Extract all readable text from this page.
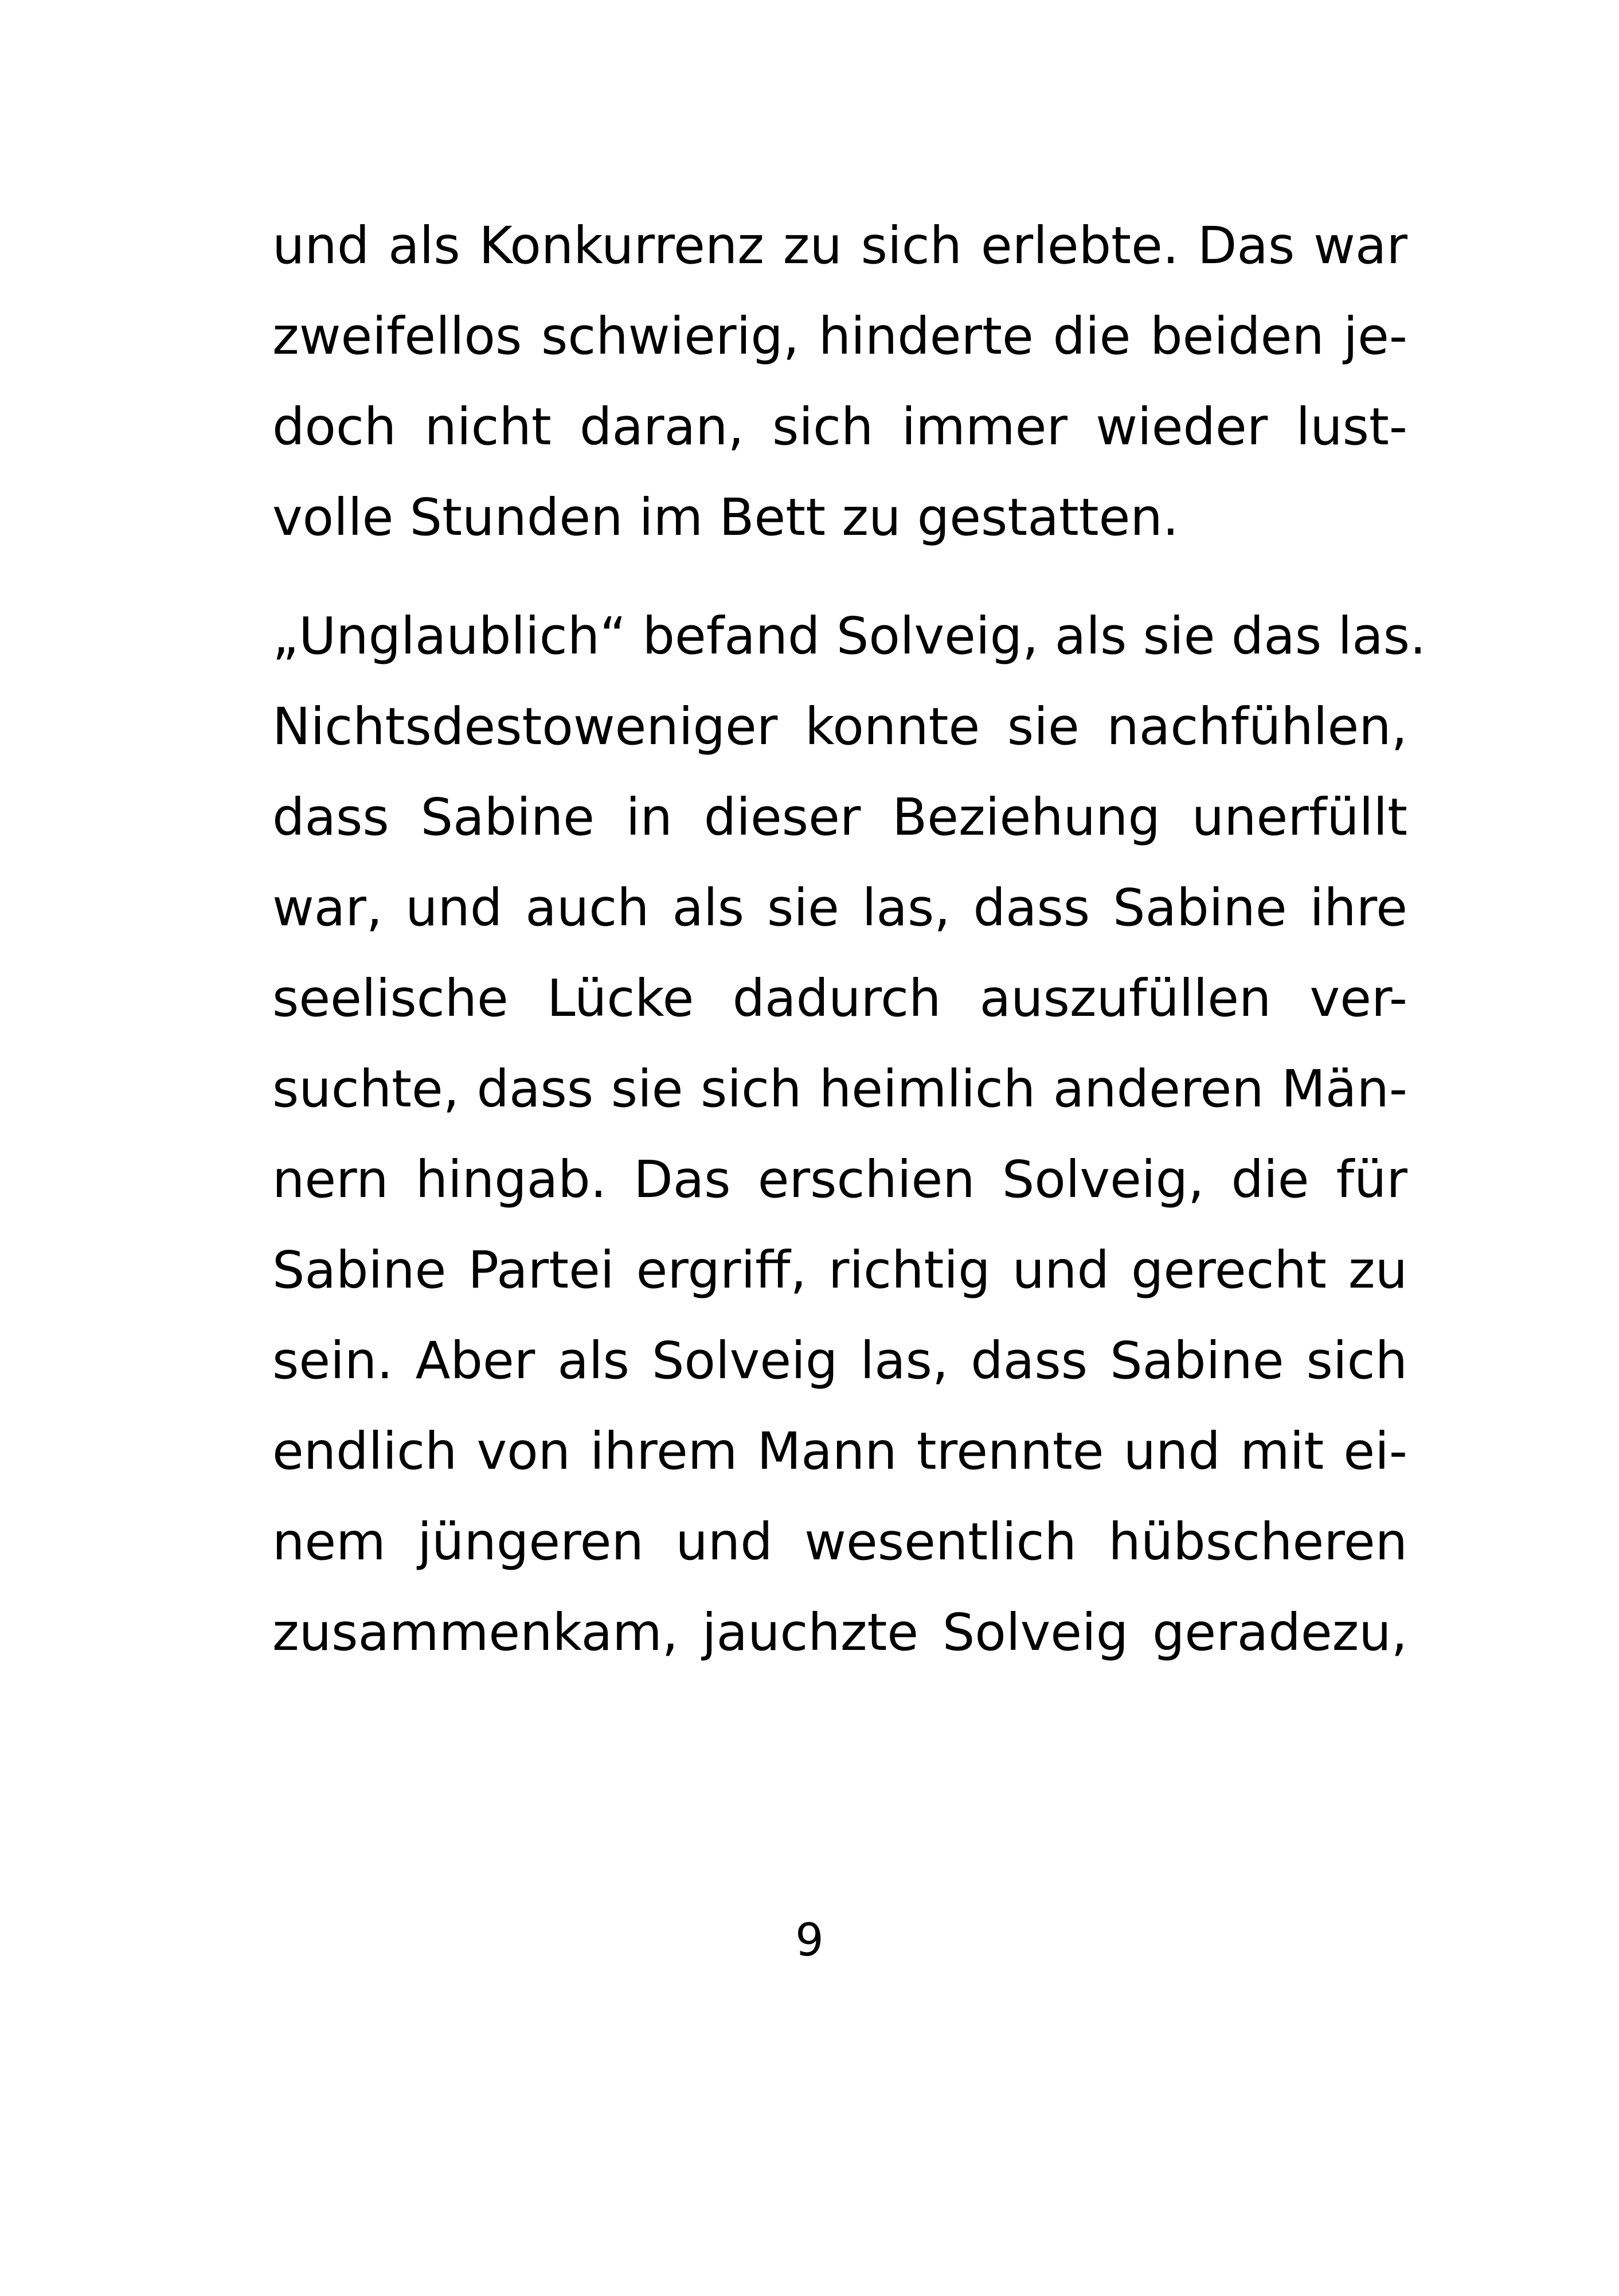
und als Konkurrenz zu sich erlebte. Das war
zweifellos schwierig, hinderte die beiden je-
doch nicht daran, sich immer wieder lust-
volle Stunden im Bett zu gestatten.
„Unglaublich“ befand Solveig, als sie das las.
Nichtsdestoweniger konnte sie nachfühlen,
dass Sabine in dieser Beziehung unerfüllt
war, und auch als sie las, dass Sabine ihre
seelische Lücke dadurch auszufüllen ver-
suchte, dass sie sich heimlich anderen Män-
nern hingab. Das erschien Solveig, die für
Sabine Partei ergriff, richtig und gerecht zu
sein. Aber als Solveig las, dass Sabine sich
endlich von ihrem Mann trennte und mit ei-
nem jüngeren und wesentlich hübscheren
zusammenkam, jauchzte Solveig geradezu,
9
